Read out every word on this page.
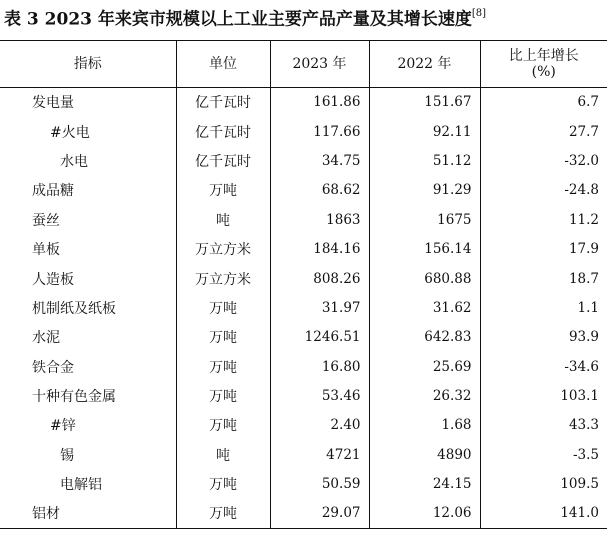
表 3 2023 年来宾市规模以上工业主要产品产量及其增长速度[8]
指标	单位	2023 年	2022 年	比上年增长
(%)

发电量	亿千瓦时	161.86	151.67	6.7
#火电	亿千瓦时	117.66	92.11	27.7
水电	亿千瓦时	34.75	51.12	-32.0
成品糖	万吨	68.62	91.29	-24.8
蚕丝	吨	1863	1675	11.2
单板	万立方米	184.16	156.14	17.9
人造板	万立方米	808.26	680.88	18.7
机制纸及纸板	万吨	31.97	31.62	1.1
水泥	万吨	1246.51	642.83	93.9
铁合金	万吨	16.80	25.69	-34.6
十种有色金属	万吨	53.46	26.32	103.1
#锌	万吨	2.40	1.68	43.3
锡	吨	4721	4890	-3.5
电解铝	万吨	50.59	24.15	109.5
铝材	万吨	29.07	12.06	141.0
